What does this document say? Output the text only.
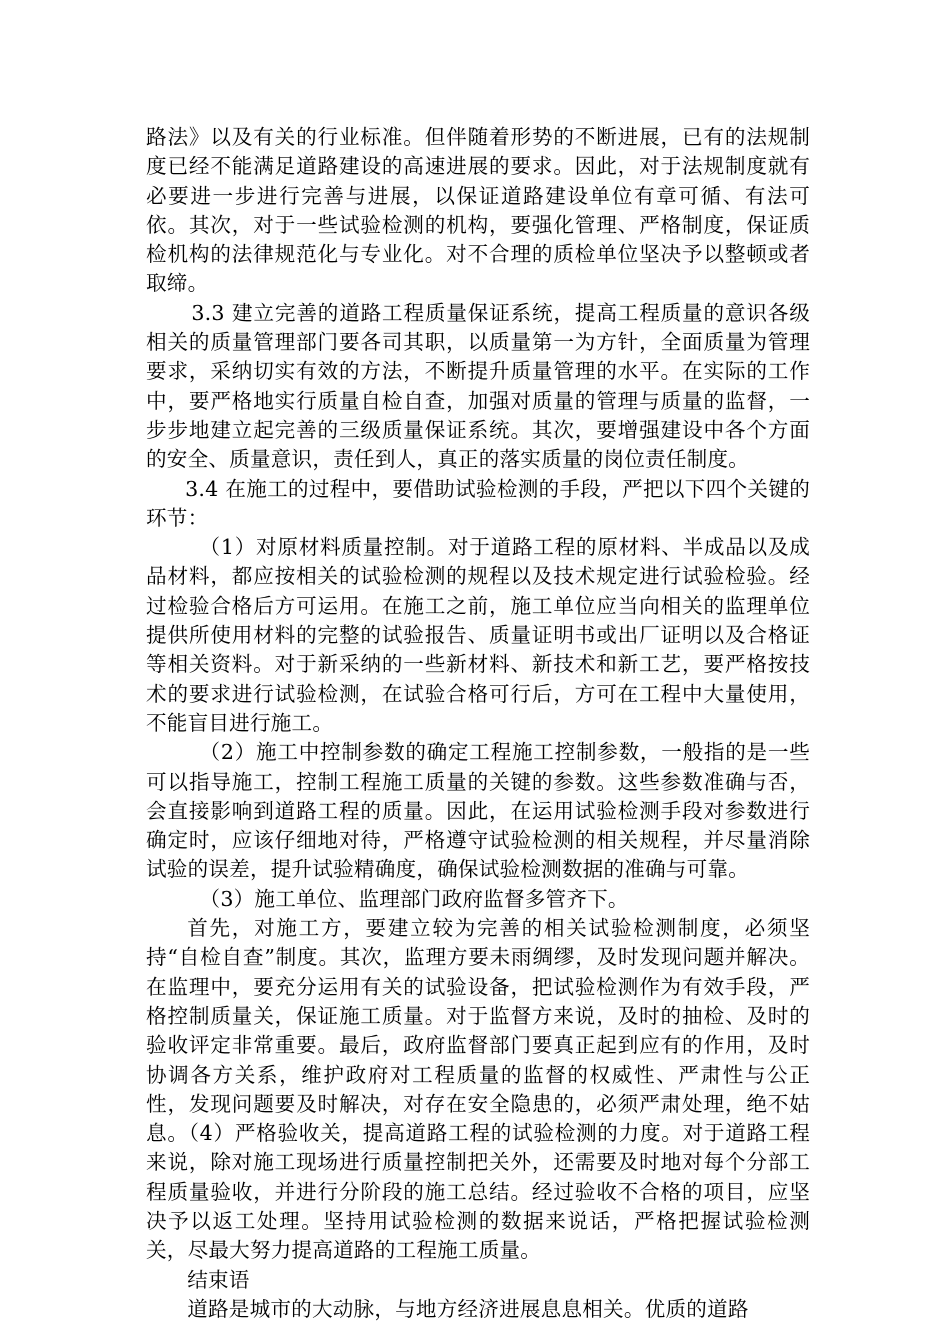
路法》以及有关的行业标准。但伴随着形势的不断进展，已有的法规制度已经不能满足道路建设的高速进展的要求。因此，对于法规制度就有必要进一步进行完善与进展，以保证道路建设单位有章可循、有法可依。其次，对于一些试验检测的机构，要强化管理、严格制度，保证质检机构的法律规范化与专业化。对不合理的质检单位坚决予以整顿或者取缔。

3.3 建立完善的道路工程质量保证系统，提高工程质量的意识各级相关的质量管理部门要各司其职，以质量第一为方针，全面质量为管理要求，采纳切实有效的方法，不断提升质量管理的水平。在实际的工作中，要严格地实行质量自检自查，加强对质量的管理与质量的监督，一步步地建立起完善的三级质量保证系统。其次，要增强建设中各个方面的安全、质量意识，责任到人，真正的落实质量的岗位责任制度。

3.4 在施工的过程中，要借助试验检测的手段，严把以下四个关键的环节：

（1）对原材料质量控制。对于道路工程的原材料、半成品以及成品材料，都应按相关的试验检测的规程以及技术规定进行试验检验。经过检验合格后方可运用。在施工之前，施工单位应当向相关的监理单位提供所使用材料的完整的试验报告、质量证明书或出厂证明以及合格证等相关资料。对于新采纳的一些新材料、新技术和新工艺，要严格按技术的要求进行试验检测，在试验合格可行后，方可在工程中大量使用，不能盲目进行施工。

（2）施工中控制参数的确定工程施工控制参数，一般指的是一些可以指导施工，控制工程施工质量的关键的参数。这些参数准确与否，会直接影响到道路工程的质量。因此，在运用试验检测手段对参数进行确定时，应该仔细地对待，严格遵守试验检测的相关规程，并尽量消除试验的误差，提升试验精确度，确保试验检测数据的准确与可靠。

（3）施工单位、监理部门政府监督多管齐下。

首先，对施工方，要建立较为完善的相关试验检测制度，必须坚持“自检自查”制度。其次，监理方要未雨绸缪，及时发现问题并解决。在监理中，要充分运用有关的试验设备，把试验检测作为有效手段，严格控制质量关，保证施工质量。对于监督方来说，及时的抽检、及时的验收评定非常重要。最后，政府监督部门要真正起到应有的作用，及时协调各方关系，维护政府对工程质量的监督的权威性、严肃性与公正性，发现问题要及时解决，对存在安全隐患的，必须严肃处理，绝不姑息。（4）严格验收关，提高道路工程的试验检测的力度。对于道路工程来说，除对施工现场进行质量控制把关外，还需要及时地对每个分部工程质量验收，并进行分阶段的施工总结。经过验收不合格的项目，应坚决予以返工处理。坚持用试验检测的数据来说话，严格把握试验检测关，尽最大努力提高道路的工程施工质量。

结束语

道路是城市的大动脉，与地方经济进展息息相关。优质的道路
